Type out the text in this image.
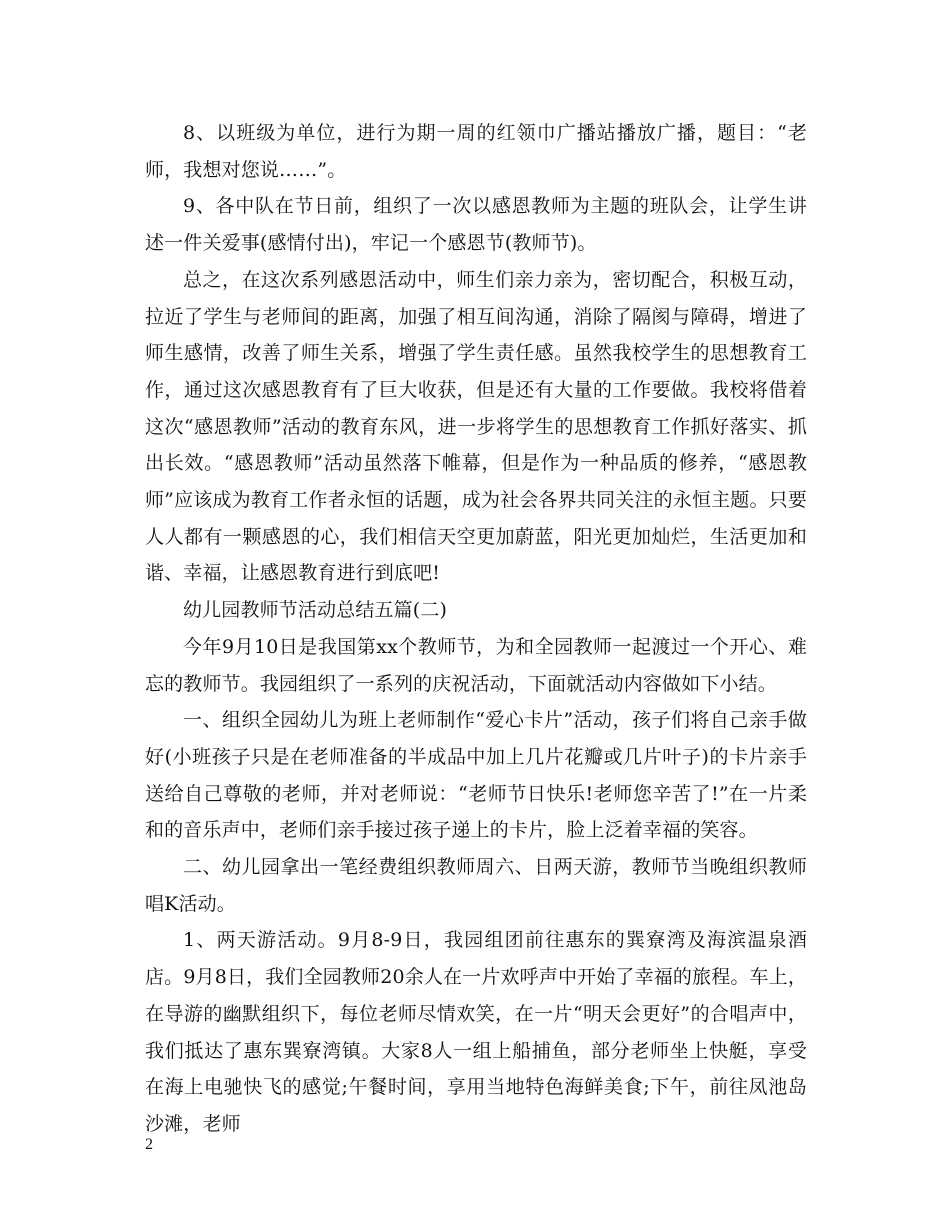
8、以班级为单位，进行为期一周的红领巾广播站播放广播，题目：“老师，我想对您说……”。

9、各中队在节日前，组织了一次以感恩教师为主题的班队会，让学生讲述一件关爱事(感情付出)，牢记一个感恩节(教师节)。

总之，在这次系列感恩活动中，师生们亲力亲为，密切配合，积极互动，拉近了学生与老师间的距离，加强了相互间沟通，消除了隔阂与障碍，增进了师生感情，改善了师生关系，增强了学生责任感。虽然我校学生的思想教育工作，通过这次感恩教育有了巨大收获，但是还有大量的工作要做。我校将借着这次“感恩教师”活动的教育东风，进一步将学生的思想教育工作抓好落实、抓出长效。“感恩教师”活动虽然落下帷幕，但是作为一种品质的修养，“感恩教师”应该成为教育工作者永恒的话题，成为社会各界共同关注的永恒主题。只要人人都有一颗感恩的心，我们相信天空更加蔚蓝，阳光更加灿烂，生活更加和谐、幸福，让感恩教育进行到底吧!

幼儿园教师节活动总结五篇(二)

今年9月10日是我国第xx个教师节，为和全园教师一起渡过一个开心、难忘的教师节。我园组织了一系列的庆祝活动，下面就活动内容做如下小结。

一、组织全园幼儿为班上老师制作“爱心卡片”活动，孩子们将自己亲手做好(小班孩子只是在老师准备的半成品中加上几片花瓣或几片叶子)的卡片亲手送给自己尊敬的老师，并对老师说：“老师节日快乐!老师您辛苦了!”在一片柔和的音乐声中，老师们亲手接过孩子递上的卡片，脸上泛着幸福的笑容。

二、幼儿园拿出一笔经费组织教师周六、日两天游，教师节当晚组织教师唱K活动。

1、两天游活动。9月8-9日，我园组团前往惠东的巽寮湾及海滨温泉酒店。9月8日，我们全园教师20余人在一片欢呼声中开始了幸福的旅程。车上，在导游的幽默组织下，每位老师尽情欢笑，在一片“明天会更好”的合唱声中，我们抵达了惠东巽寮湾镇。大家8人一组上船捕鱼，部分老师坐上快艇，享受在海上电驰快飞的感觉;午餐时间，享用当地特色海鲜美食;下午，前往凤池岛沙滩，老师

2
